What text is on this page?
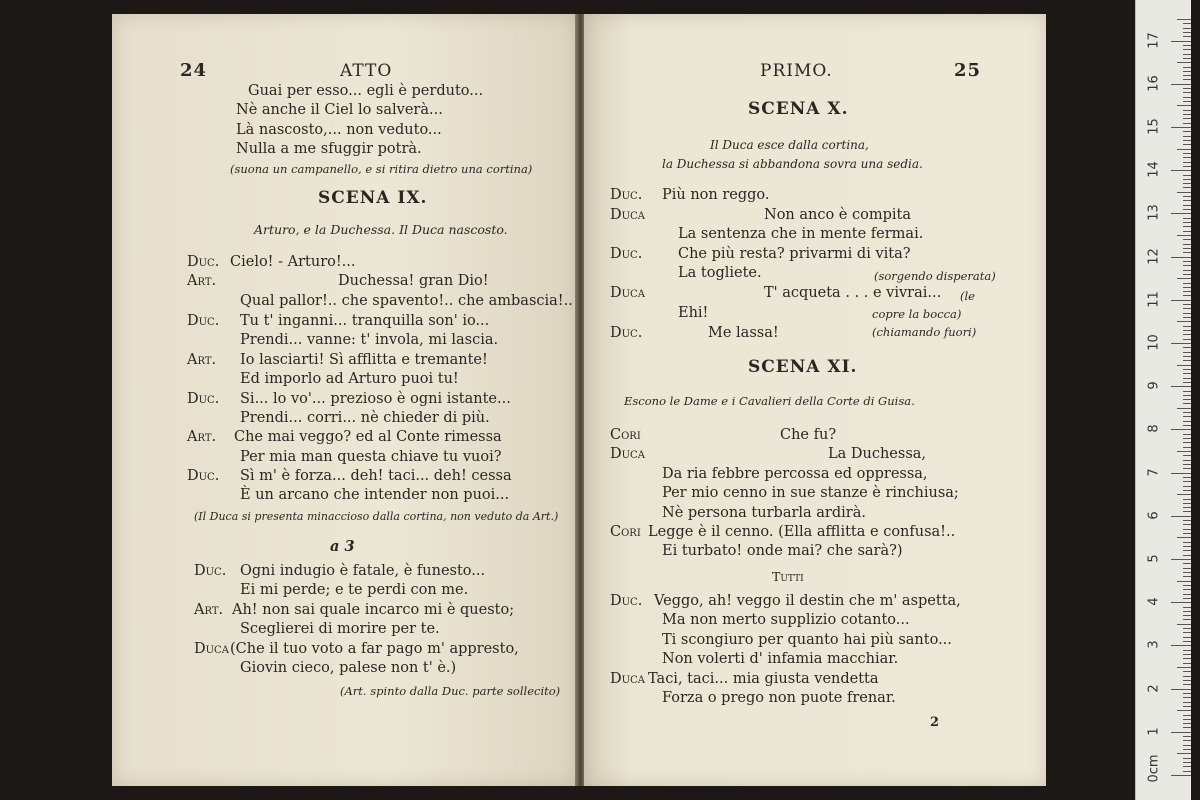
24	ATTO
Guai per esso... egli è perduto...
Nè anche il Ciel lo salverà...
Là nascosto,... non veduto...
Nulla a me sfuggir potrà.
(suona un campanello, e si ritira dietro una cortina)
SCENA IX.
Arturo, e la Duchessa. Il Duca nascosto.
Duc. Cielo! - Arturo!...
Art.	Duchessa! gran Dio!
Qual pallor!.. che spavento!.. che ambascia!..
Duc. Tu t' inganni... tranquilla son' io...
Prendi... vanne: t' invola, mi lascia.
Art. Io lasciarti! Sì afflitta e tremante!
Ed imporlo ad Arturo puoi tu!
Duc. Si... lo vo'... prezioso è ogni istante...
Prendi... corri... nè chieder di più.
Art. Che mai veggo? ed al Conte rimessa
Per mia man questa chiave tu vuoi?
Duc. Sì m' è forza... deh! taci... deh! cessa
È un arcano che intender non puoi...
(Il Duca si presenta minaccioso dalla cortina, non veduto da Art.)
a 3
Duc. Ogni indugio è fatale, è funesto...
Ei mi perde; e te perdi con me.
Art. Ah! non sai quale incarco mi è questo;
Sceglierei di morire per te.
Duca (Che il tuo voto a far pago m' appresto,
Giovin cieco, palese non t' è.)
(Art. spinto dalla Duc. parte sollecito)
PRIMO.	25
SCENA X.
Il Duca esce dalla cortina,
la Duchessa si abbandona sovra una sedia.
Duc. Più non reggo.
Duca	Non anco è compita
La sentenza che in mente fermai.
Duc. Che più resta? privarmi di vita?
La togliete.	(sorgendo disperata)
Duca	T' acqueta . . . e vivrai... (le
copre la bocca)
Ehi!
(chiamando fuori)
Duc.	Me lassa!
SCENA XI.
Escono le Dame e i Cavalieri della Corte di Guisa.
Cori	Che fu?
Duca	La Duchessa,
Da ria febbre percossa ed oppressa,
Per mio cenno in sue stanze è rinchiusa;
Nè persona turbarla ardirà.
Cori Legge è il cenno. (Ella afflitta e confusa!..
Ei turbato! onde mai? che sarà?)
Tutti
Duc. Veggo, ah! veggo il destin che m' aspetta,
Ma non merto supplizio cotanto...
Ti scongiuro per quanto hai più santo...
Non volerti d' infamia macchiar.
Duca Taci, taci... mia giusta vendetta
Forza o prego non puote frenar.
2
0cm
1
2
3
4
5
6
7
8
9
10
11
12
13
14
15
16
17
